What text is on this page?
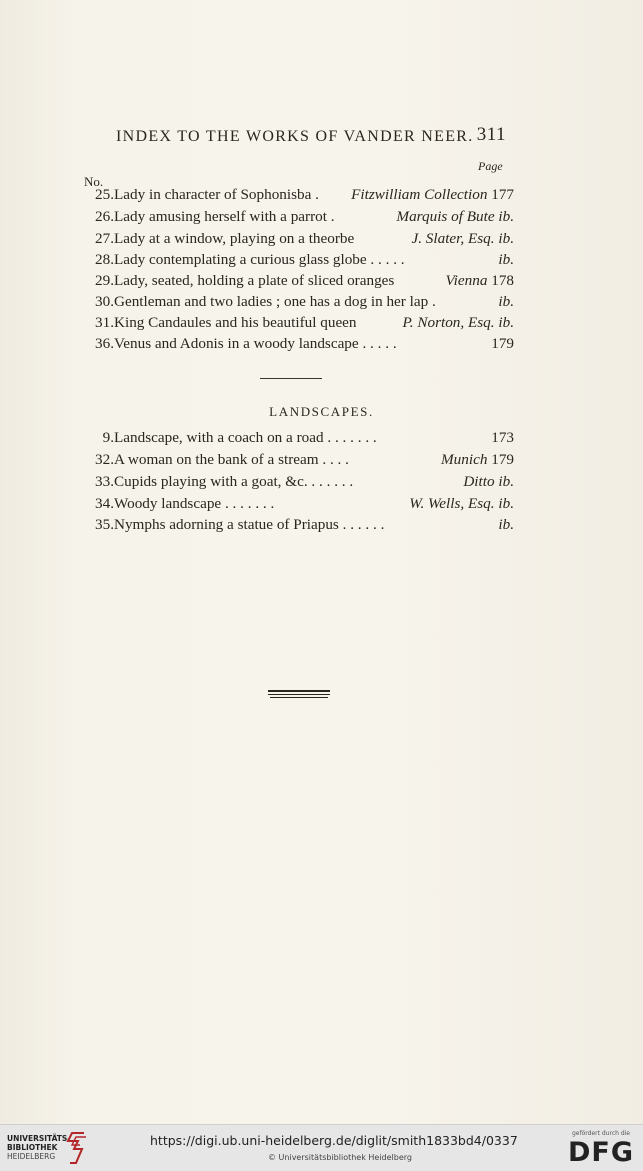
INDEX TO THE WORKS OF VANDER NEER. 311
No.
Page
25. Lady in character of Sophonisba . Fitzwilliam Collection 177
26. Lady amusing herself with a parrot .	Marquis of Bute ib.
27. Lady at a window, playing on a theorbe	J. Slater, Esq. ib.
28. Lady contemplating a curious glass globe . . . . .	ib.
29. Lady, seated, holding a plate of sliced oranges	Vienna 178
30. Gentleman and two ladies ; one has a dog in her lap .	ib.
31. King Candaules and his beautiful queen	P. Norton, Esq. ib.
36. Venus and Adonis in a woody landscape . . . . .	179
LANDSCAPES.
9. Landscape, with a coach on a road . . . . . . .	173
32. A woman on the bank of a stream . . . .	Munich 179
33. Cupids playing with a goat, &c. . . . . . .	Ditto ib.
34. Woody landscape . . . . . . .	W. Wells, Esq. ib.
35. Nymphs adorning a statue of Priapus . . . . . .	ib.
UNIVERSITÄTS-
BIBLIOTHEK
HEIDELBERG
https://digi.ub.uni-heidelberg.de/diglit/smith1833bd4/0337
© Universitätsbibliothek Heidelberg
gefördert durch die
DFG
